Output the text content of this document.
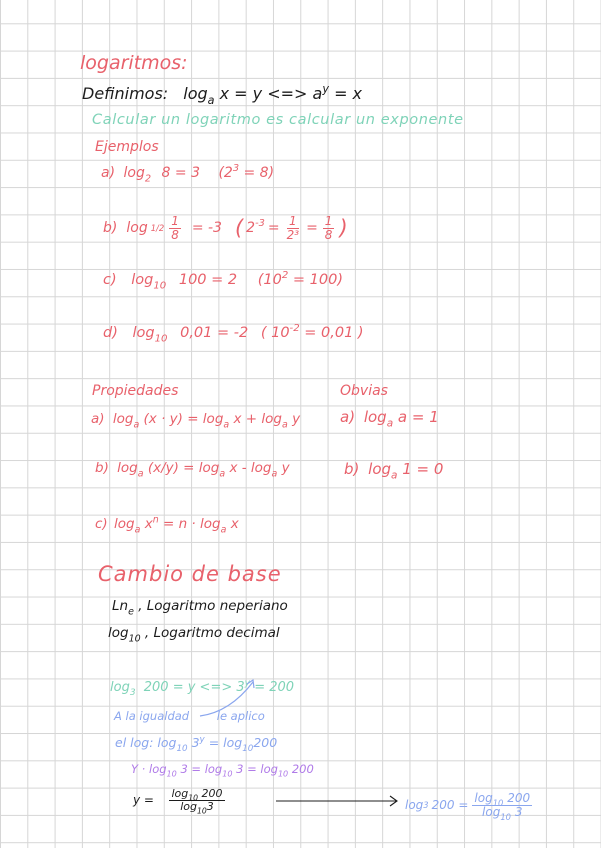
logaritmos:
Definimos: $\log_a x = y$ <=> $a^y = x$
Calcular un logaritmo es calcular un exponente
Ejemplos
a) $\log_2 8 = 3$ $(2^3 = 8)$
b) $\log 1/2 \frac{1}{8} = -3$ ( $2^{-3} = \frac{1}{\text{2³}} = \frac{1}{8}$ )
c) $\log_{10} 100 = 2$ $(10^2 = 100)$
d) $\log_{10} 0,01 = -2$ ( $10^{-2} = 0,01$ )
Propiedades	Obvias
a) $\log_a (x \cdot y) = \log_a x + \log_a y$	a) $\log_a a = 1$
b) $\log_a (x/y) = \log_a x - \log_a y$	b) $\log_a 1 = 0$
c) $\log_a x^n = n \cdot \log_a x$
Cambio de base
$Ln_e$ , Logaritmo neperiano
$\log_{10}$ , Logaritmo decimal
$\log_3 200 = y$ <=> $3^y = 200$
A la igualdad le aplico
el log: $\log_{10} 3^y = \log_{10}200$
$Y \cdot \log_{10} 3 = \log_{10} 3 = \log_{10} 200$
$y = \frac{\log_{10} 200}{\log_{10}3}$	log 3 $200 = \frac{\log_{10} 200}{\log_{10} 3}$
